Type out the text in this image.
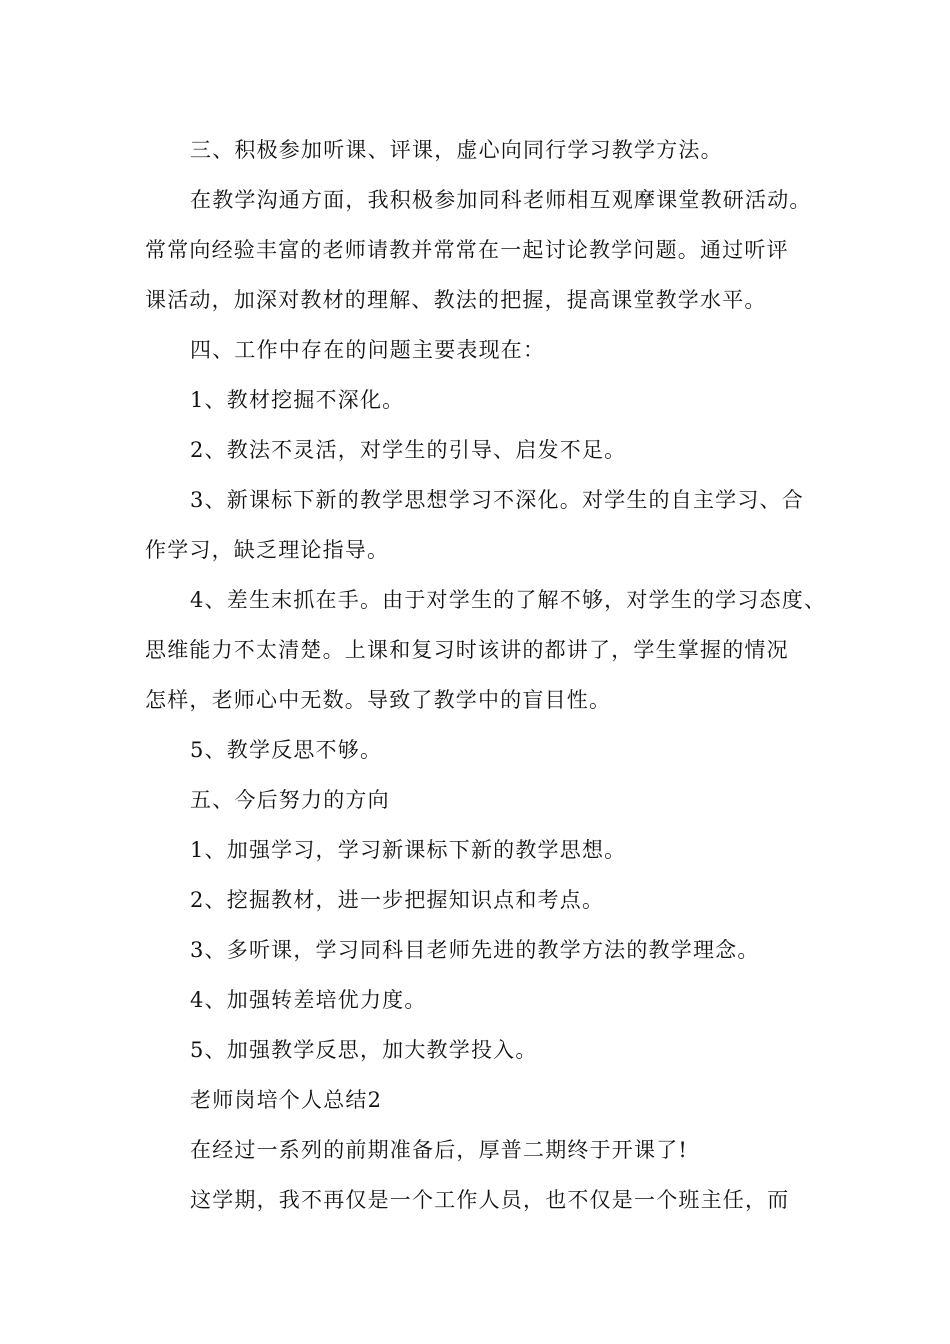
三、积极参加听课、评课，虚心向同行学习教学方法。
在教学沟通方面，我积极参加同科老师相互观摩课堂教研活动。
常常向经验丰富的老师请教并常常在一起讨论教学问题。通过听评
课活动，加深对教材的理解、教法的把握，提高课堂教学水平。
四、工作中存在的问题主要表现在：
1、教材挖掘不深化。
2、教法不灵活，对学生的引导、启发不足。
3、新课标下新的教学思想学习不深化。对学生的自主学习、合
作学习，缺乏理论指导。
4、差生末抓在手。由于对学生的了解不够，对学生的学习态度、
思维能力不太清楚。上课和复习时该讲的都讲了，学生掌握的情况
怎样，老师心中无数。导致了教学中的盲目性。
5、教学反思不够。
五、今后努力的方向
1、加强学习，学习新课标下新的教学思想。
2、挖掘教材，进一步把握知识点和考点。
3、多听课，学习同科目老师先进的教学方法的教学理念。
4、加强转差培优力度。
5、加强教学反思，加大教学投入。
老师岗培个人总结2
在经过一系列的前期准备后，厚普二期终于开课了!
这学期，我不再仅是一个工作人员，也不仅是一个班主任，而
